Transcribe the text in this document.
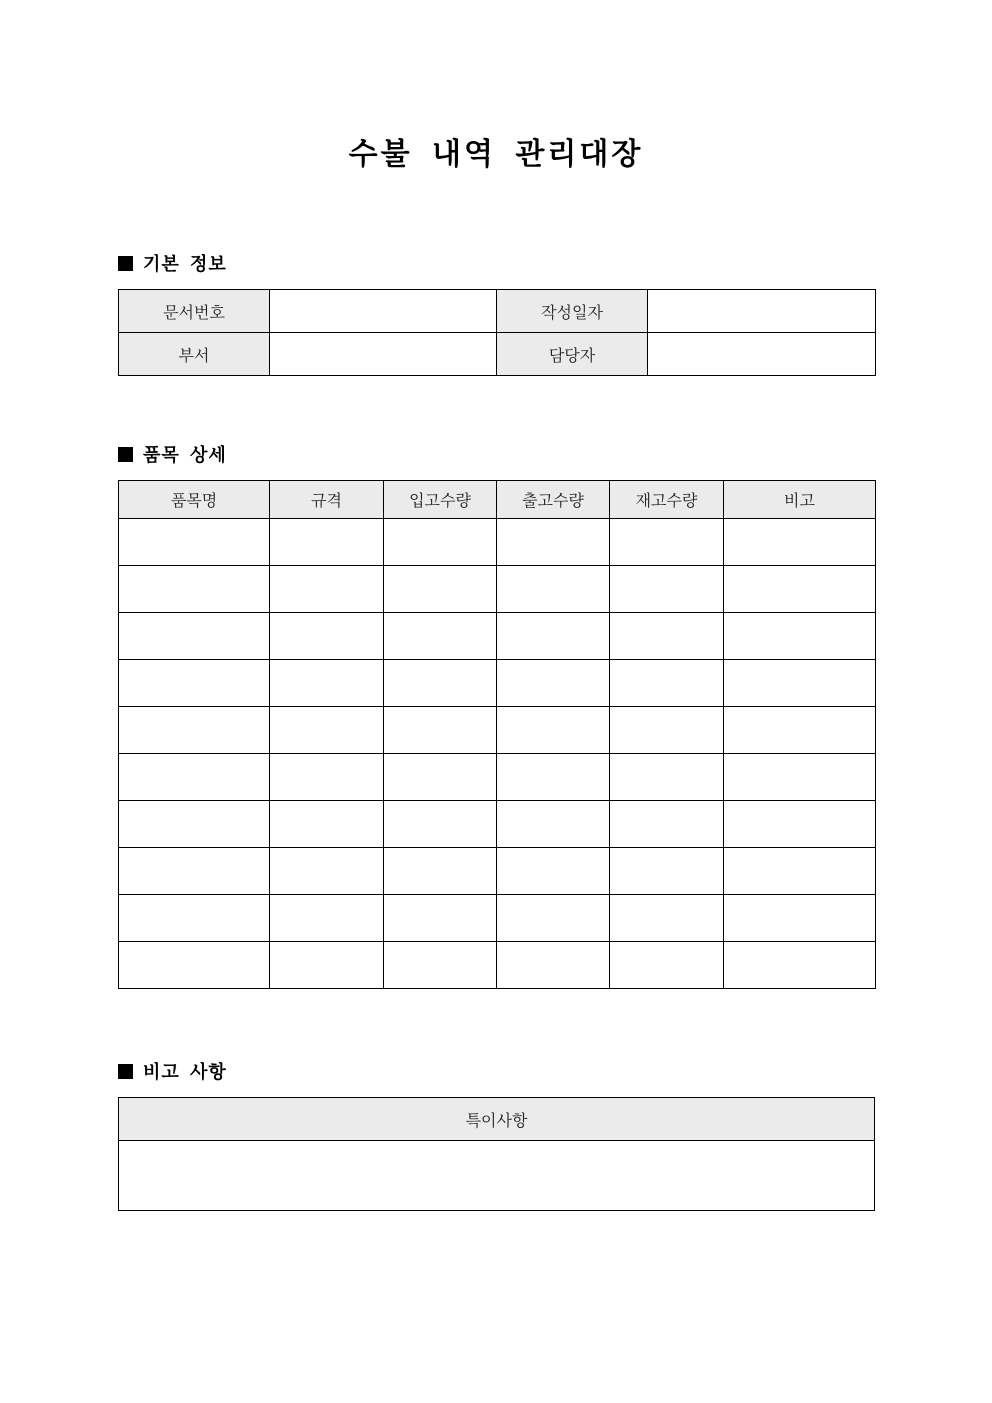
수불 내역 관리대장
기본 정보
문서번호		작성일자	
부서		담당자	
품목 상세
품목명	규격	입고수량	출고수량	재고수량	비고

비고 사항
특이사항
